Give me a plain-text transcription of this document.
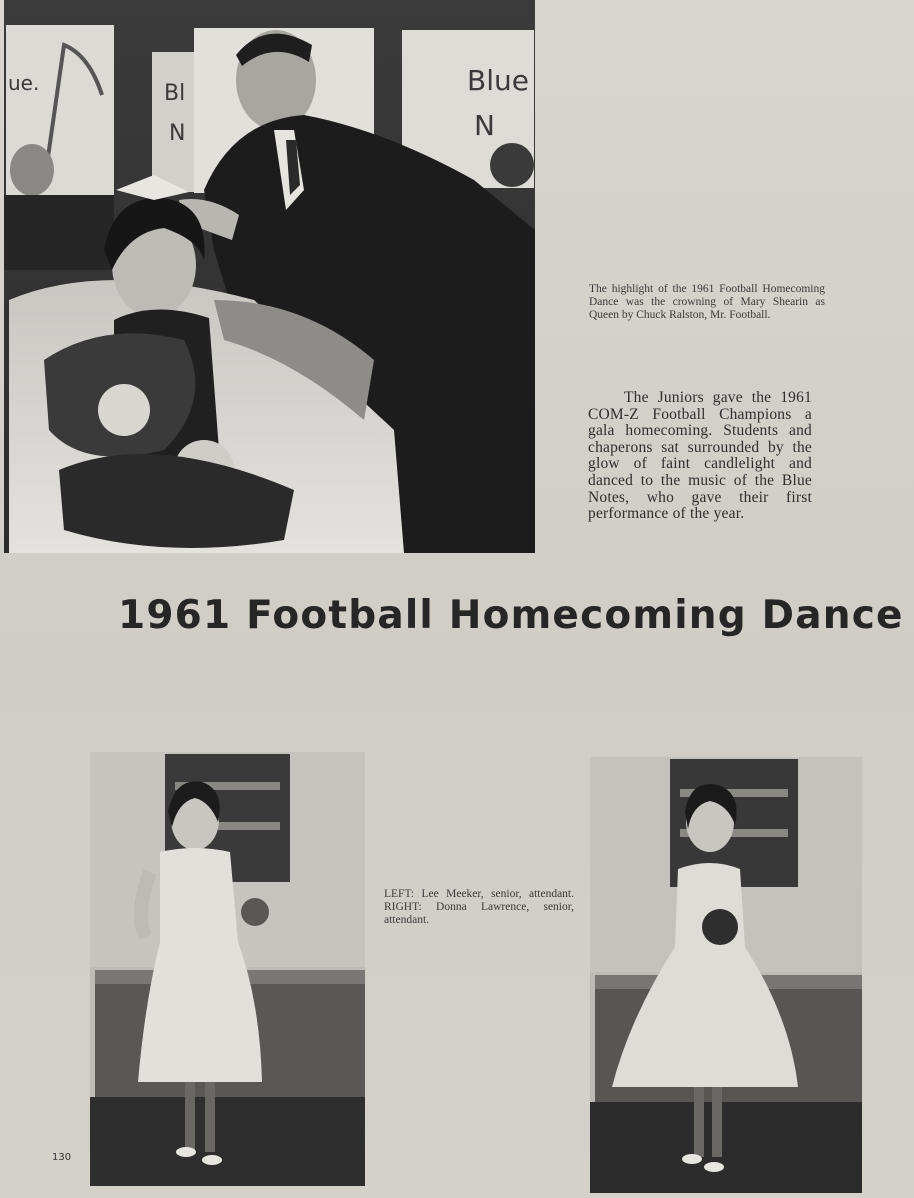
ue.	Bl
N
Blue
N

The highlight of the 1961 Football Homecoming Dance was the crowning of Mary Shearin as Queen by Chuck Ralston, Mr. Football.

The Juniors gave the 1961 COM-Z Football Champions a gala homecoming. Students and chaperons sat surrounded by the glow of faint candlelight and danced to the music of the Blue Notes, who gave their first performance of the year.

1961 Football Homecoming Dance

LEFT: Lee Meeker, senior, attendant. RIGHT: Donna Lawrence, senior, attendant.

130
